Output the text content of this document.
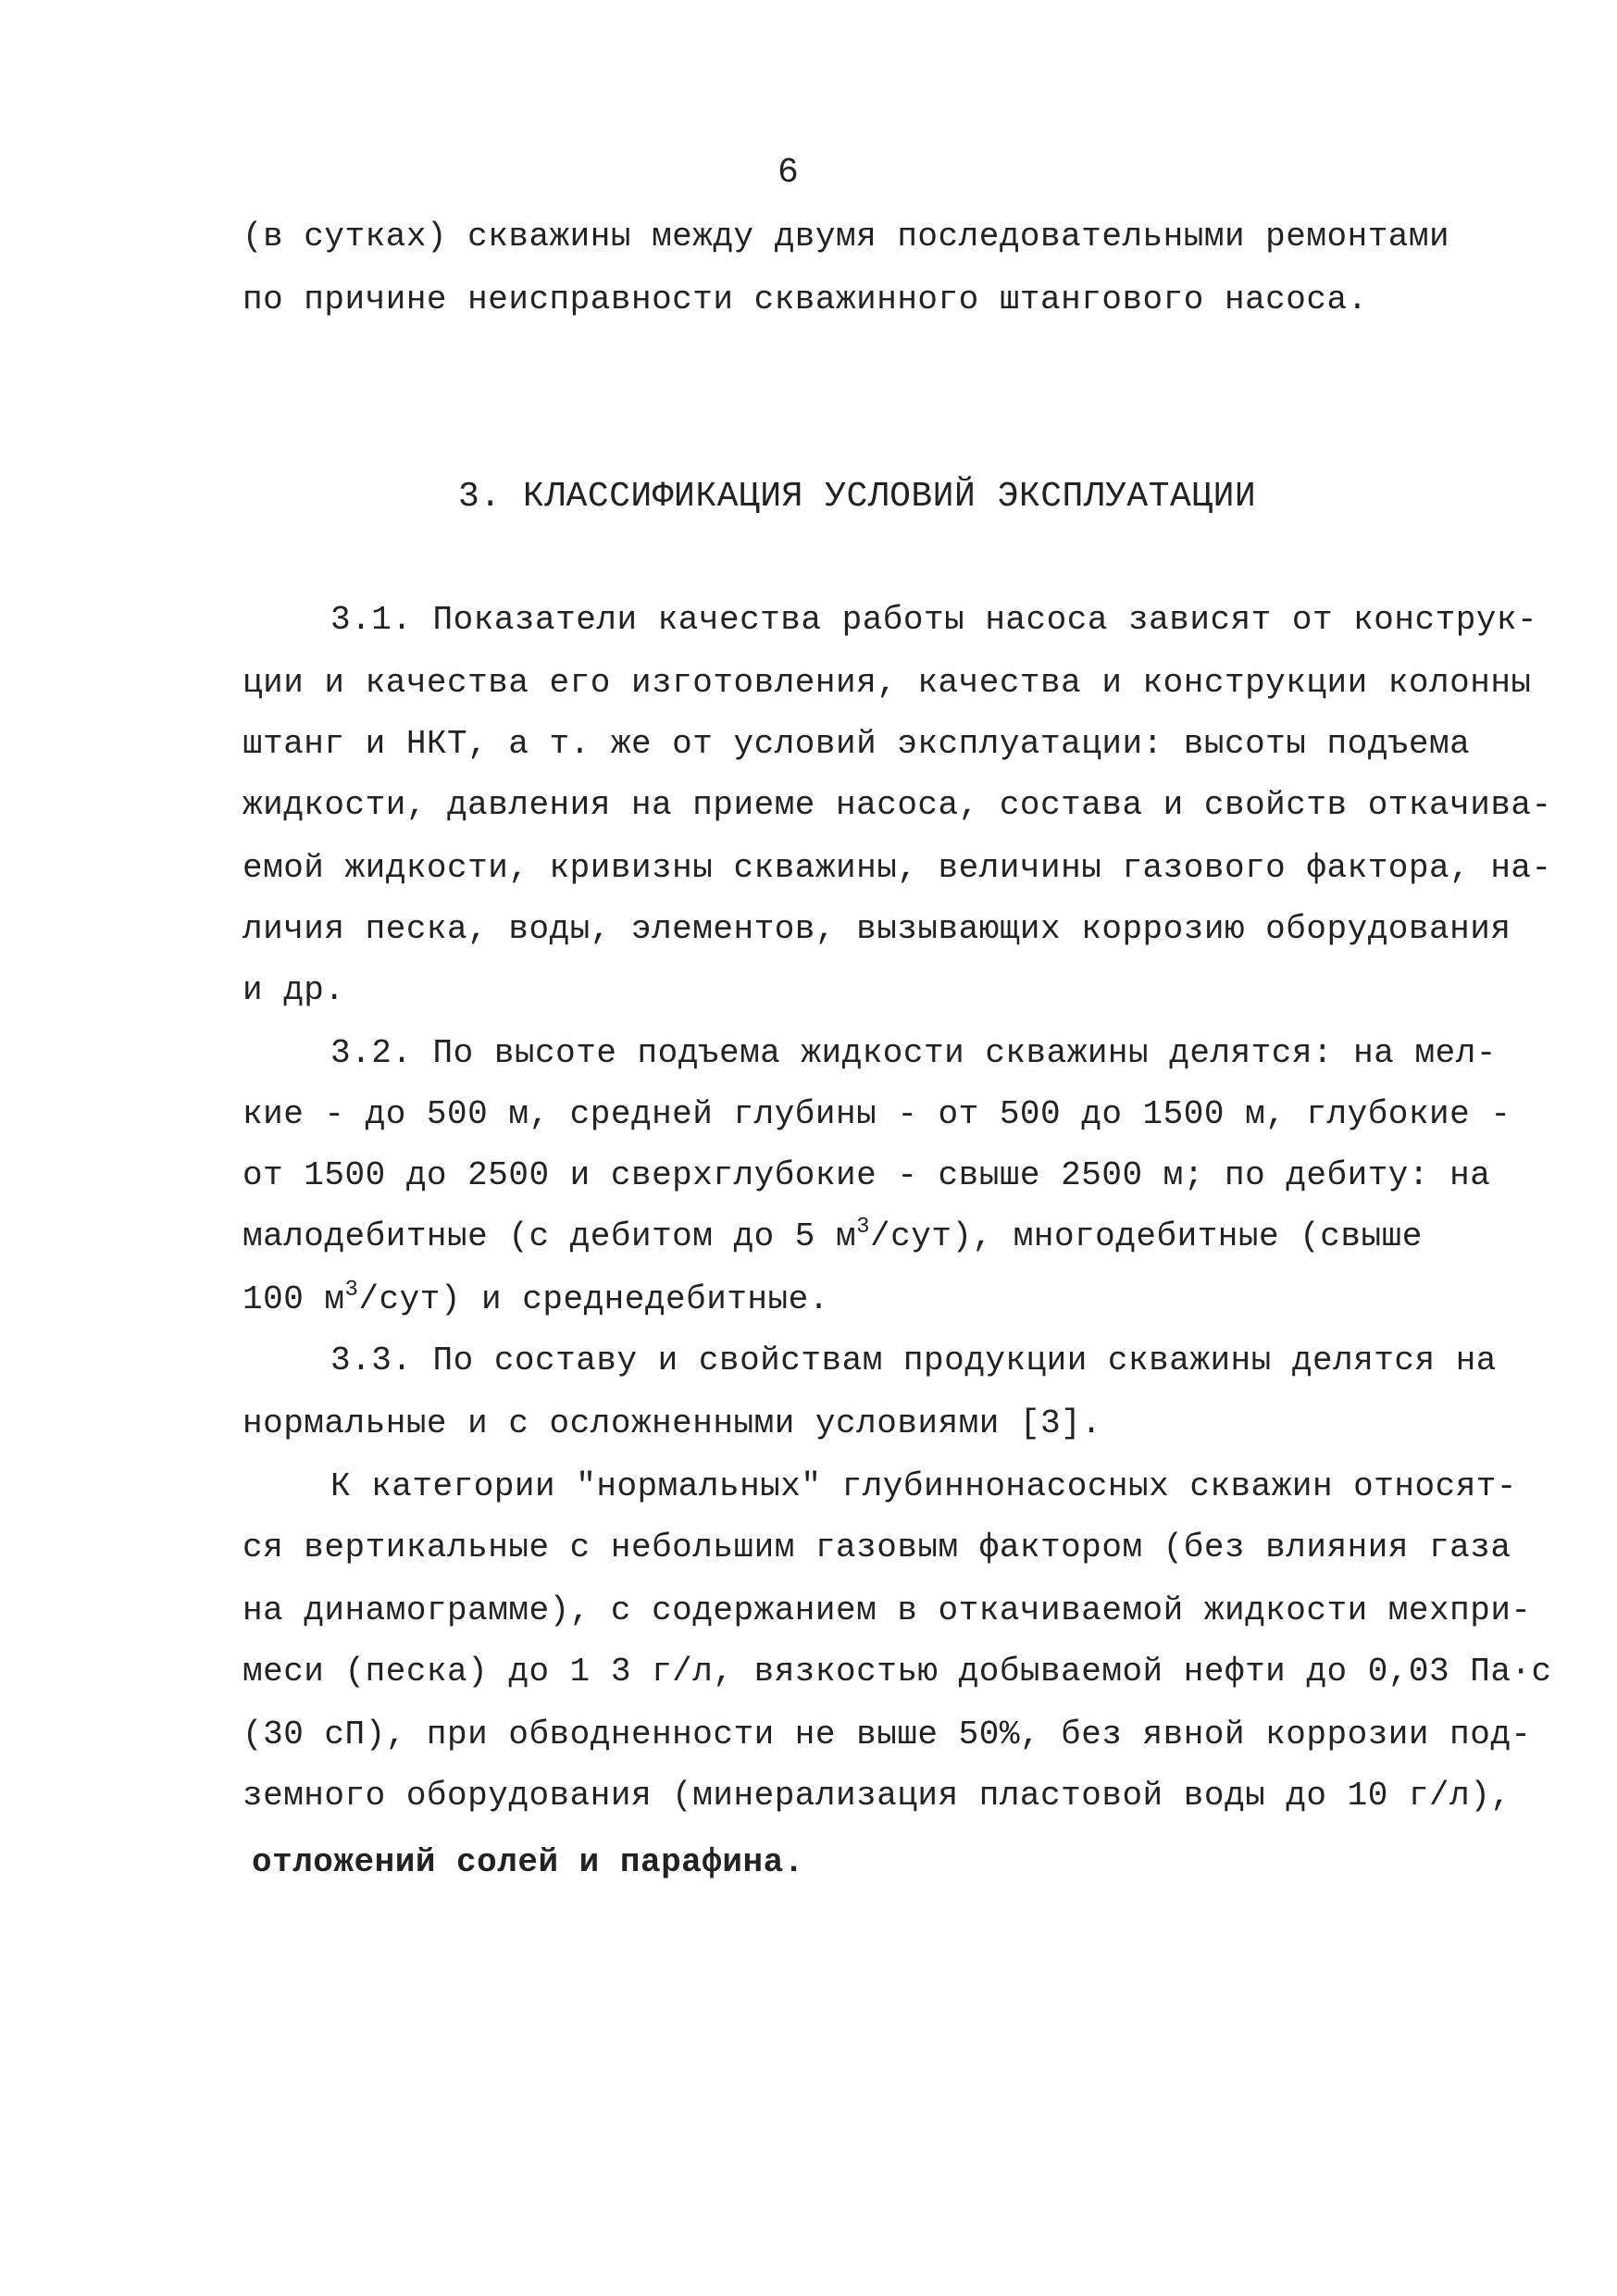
6
(в сутках) скважины между двумя последовательными ремонтами
по причине неисправности скважинного штангового насоса.
3. КЛАССИФИКАЦИЯ УСЛОВИЙ ЭКСПЛУАТАЦИИ
3.1. Показатели качества работы насоса зависят от конструк-
ции и качества его изготовления, качества и конструкции колонны
штанг и НКТ, а т. же от условий эксплуатации: высоты подъема
жидкости, давления на приеме насоса, состава и свойств откачива-
емой жидкости, кривизны скважины, величины газового фактора, на-
личия песка, воды, элементов, вызывающих коррозию оборудования
и др.
3.2. По высоте подъема жидкости скважины делятся: на мел-
кие - до 500 м, средней глубины - от 500 до 1500 м, глубокие -
от 1500 до 2500 и сверхглубокие - свыше 2500 м; по дебиту: на
малодебитные (с дебитом до 5 $м^3/сут$), многодебитные (свыше
100 $м^3/сут$) и среднедебитные.
3.3. По составу и свойствам продукции скважины делятся на
нормальные и с осложненными условиями [3].
К категории "нормальных" глубиннонасосных скважин относят-
ся вертикальные с небольшим газовым фактором (без влияния газа
на динамограмме), с содержанием в откачиваемой жидкости мехпри-
меси (песка) до 1 3 г/л, вязкостью добываемой нефти до 0,03 Па·с
(30 сП), при обводненности не выше 50%, без явной коррозии под-
земного оборудования (минерализация пластовой воды до 10 г/л),
отложений солей и парафина.
